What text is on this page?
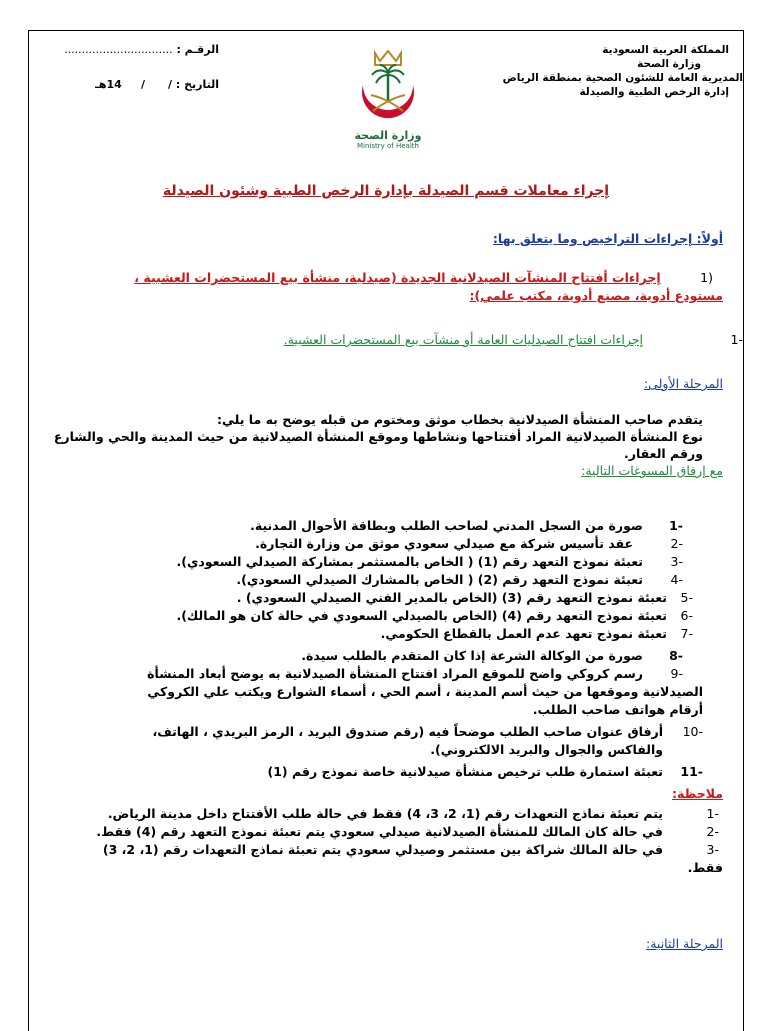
المملكة العربية السعودية
وزارة الصحة
المديرية العامة للشئون الصحية بمنطقة الرياض
إدارة الرخص الطبية والصيدلة
الرقـم : ...............................
التاريخ : /      /     14هـ
وزارة الصحة
Ministry of Health
إجراء معاملات قسم الصيدلة بإدارة الرخص الطبية وشئون الصيدلة
أولاً: إجراءات التراخيص وما يتعلق بها:
(1 إجراءات أفتتاح المنشآت الصيدلانية الجديدة (صيدلية، منشأة بيع المستحضرات العشبية ،
مستودع أدوية، مصنع أدوية، مكتب علمي):
-1
إجراءات افتتاح الصيدليات العامة أو منشآت بيع المستحضرات العشبية.
المرحلة الأولى:
يتقدم صاحب المنشأة الصيدلانية بخطاب موثق ومختوم من قبله يوضح به ما يلي:
نوع المنشأة الصيدلانية المراد أفتتاحها ونشاطها وموقع المنشأة الصيدلانية من حيث المدينة والحي والشارع
ورقم العقار.
مع إرفاق المسوغات التالية:
-1
صورة من السجل المدني لصاحب الطلب وبطاقة الأحوال المدنية.
-2
عقد تأسيس شركة مع صيدلي سعودي موثق من وزارة التجارة.
-3
تعبئة نموذج التعهد رقم (1) ( الخاص بالمستثمر بمشاركة الصيدلي السعودي).
-4
تعبئة نموذج التعهد رقم (2) ( الخاص بالمشارك الصيدلي السعودي).
-5
تعبئة نموذج التعهد رقم (3) (الخاص بالمدير الفني الصيدلي السعودي) .
-6
تعبئة نموذج التعهد رقم (4) (الخاص بالصيدلي السعودي في حالة كان هو المالك).
-7
تعبئة نموذج تعهد عدم العمل بالقطاع الحكومي.
-8
صورة من الوكالة الشرعة إذا كان المتقدم بالطلب سيدة.
-9
رسم كروكي واضح للموقع المراد افتتاح المنشأة الصيدلانية به يوضح أبعاد المنشأة
الصيدلانية وموقعها من حيث أسم المدينة ، أسم الحي ، أسماء الشوارع ويكتب علي الكروكي
أرقام هواتف صاحب الطلب.
-10
أرفاق عنوان صاحب الطلب موضحاً فيه (رقم صندوق البريد ، الرمز البريدي ، الهاتف،
والفاكس والجوال والبريد الالكتروني).
-11
تعبئة استمارة طلب ترخيص منشأة صيدلانية خاصة نموذج رقم (1)
ملاحظة:
-1
يتم تعبئة نماذج التعهدات رقم (1، 2، 3، 4) فقط في حالة طلب الأفتتاح داخل مدينة الرياض.
-2
في حالة كان المالك للمنشأة الصيدلانية صيدلي سعودي يتم تعبئة نموذج التعهد رقم (4) فقط.
-3
في حالة المالك شراكة بين مستثمر وصيدلي سعودي يتم تعبئة نماذج التعهدات رقم (1، 2، 3)
فقط.
المرحلة الثانية:
